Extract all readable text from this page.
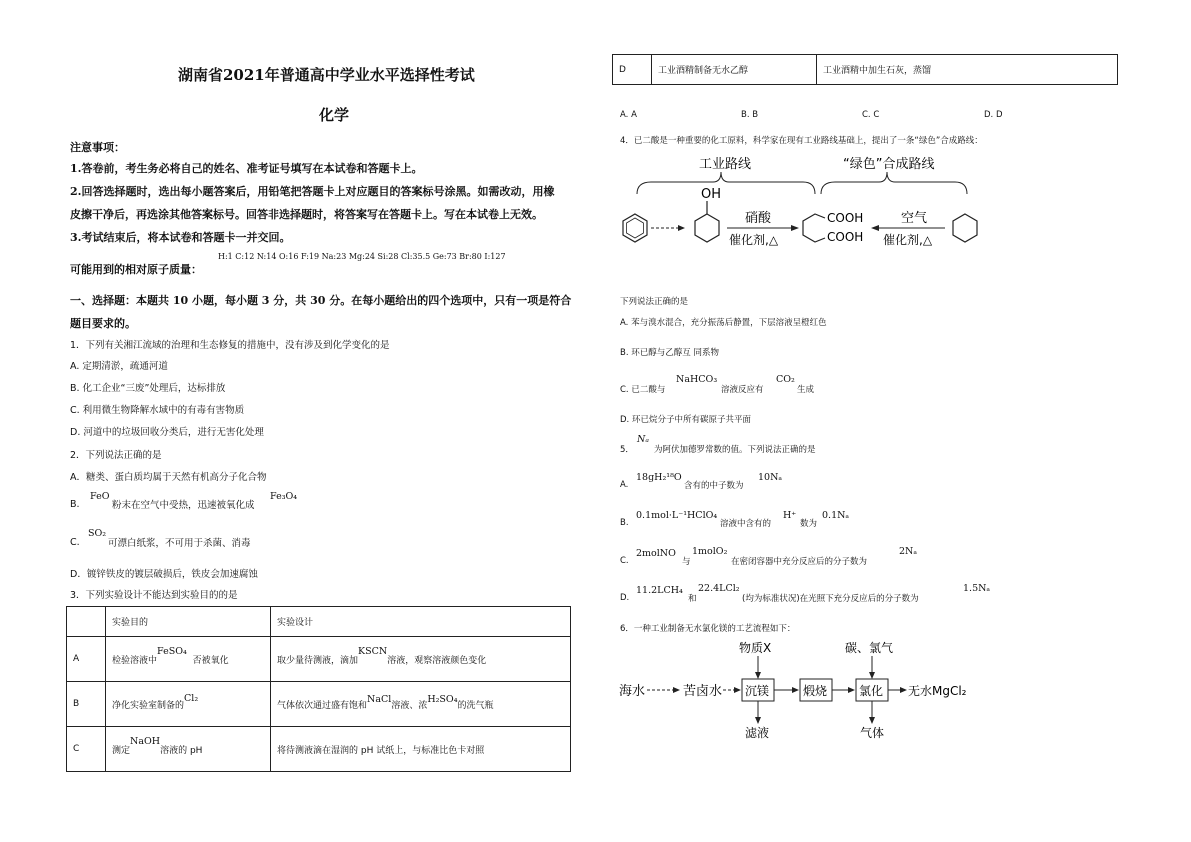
湖南省2021年普通高中学业水平选择性考试
化学
注意事项：
1.答卷前，考生务必将自己的姓名、准考证号填写在本试卷和答题卡上。
2.回答选择题时，选出每小题答案后，用铅笔把答题卡上对应题目的答案标号涂黑。如需改动，用橡
皮擦干净后，再选涂其他答案标号。回答非选择题时，将答案写在答题卡上。写在本试卷上无效。
3.考试结束后，将本试卷和答题卡一并交回。
可能用到的相对原子质量：
H:1 C:12 N:14 O:16 F:19 Na:23 Mg:24 Si:28 Cl:35.5 Ge:73 Br:80 I:127
一、选择题：本题共 10 小题，每小题 3 分，共 30 分。在每小题给出的四个选项中，只有一项是符合
题目要求的。
1．下列有关湘江流域的治理和生态修复的措施中，没有涉及到化学变化的是
A. 定期清淤，疏通河道
B. 化工企业“三废”处理后，达标排放
C. 利用微生物降解水域中的有毒有害物质
D. 河道中的垃圾回收分类后，进行无害化处理
2．下列说法正确的是
A．糖类、蛋白质均属于天然有机高分子化合物
B.
FeO
粉末在空气中受热，迅速被氧化成
Fe₃O₄
C.
SO₂
可漂白纸浆，不可用于杀菌、消毒
D．镀锌铁皮的镀层破损后，铁皮会加速腐蚀
3．下列实验设计不能达到实验目的的是
	实验目的	实验设计
A	检验溶液中FeSO₄  否被氧化	取少量待测液，滴加KSCN溶液，观察溶液颜色变化
B	净化实验室制备的Cl₂	气体依次通过盛有饱和NaCl溶液、浓H₂SO₄的洗气瓶
C	测定NaOH溶液的 pH	将待测液滴在湿润的 pH 试纸上，与标准比色卡对照
D	工业酒精制备无水乙醇	工业酒精中加生石灰，蒸馏
A. A	B. B	C. C	D. D
4．已二酸是一种重要的化工原料，科学家在现有工业路线基础上，提出了一条“绿色”合成路线：
工业路线	“绿色”合成路线
OH
硝酸
催化剂,△
COOH
COOH
空气
催化剂,△
下列说法正确的是
A. 苯与溴水混合，充分振荡后静置，下层溶液呈橙红色
B. 环已醇与乙醇互 同系物
C. 已二酸与
NaHCO₃
溶液反应有
CO₂
生成
D. 环已烷分子中所有碳原子共平面
5．
Nₐ
为阿伏加德罗常数的值。下列说法正确的是
A.
18gH₂¹⁸O
含有的中子数为
10Nₐ
B.
0.1mol·L⁻¹HClO₄
溶液中含有的
H⁺
数为
0.1Nₐ
C.
2molNO
与
1molO₂
在密闭容器中充分反应后的分子数为
2Nₐ
D.
11.2LCH₄
和
22.4LCl₂
(均为标准状况)在光照下充分反应后的分子数为
1.5Nₐ
6．一种工业制备无水氯化镁的工艺流程如下：
海水	苦卤水 沉镁	煅烧	氯化 无水MgCl₂
物质X	碳、氯气
滤液	气体
